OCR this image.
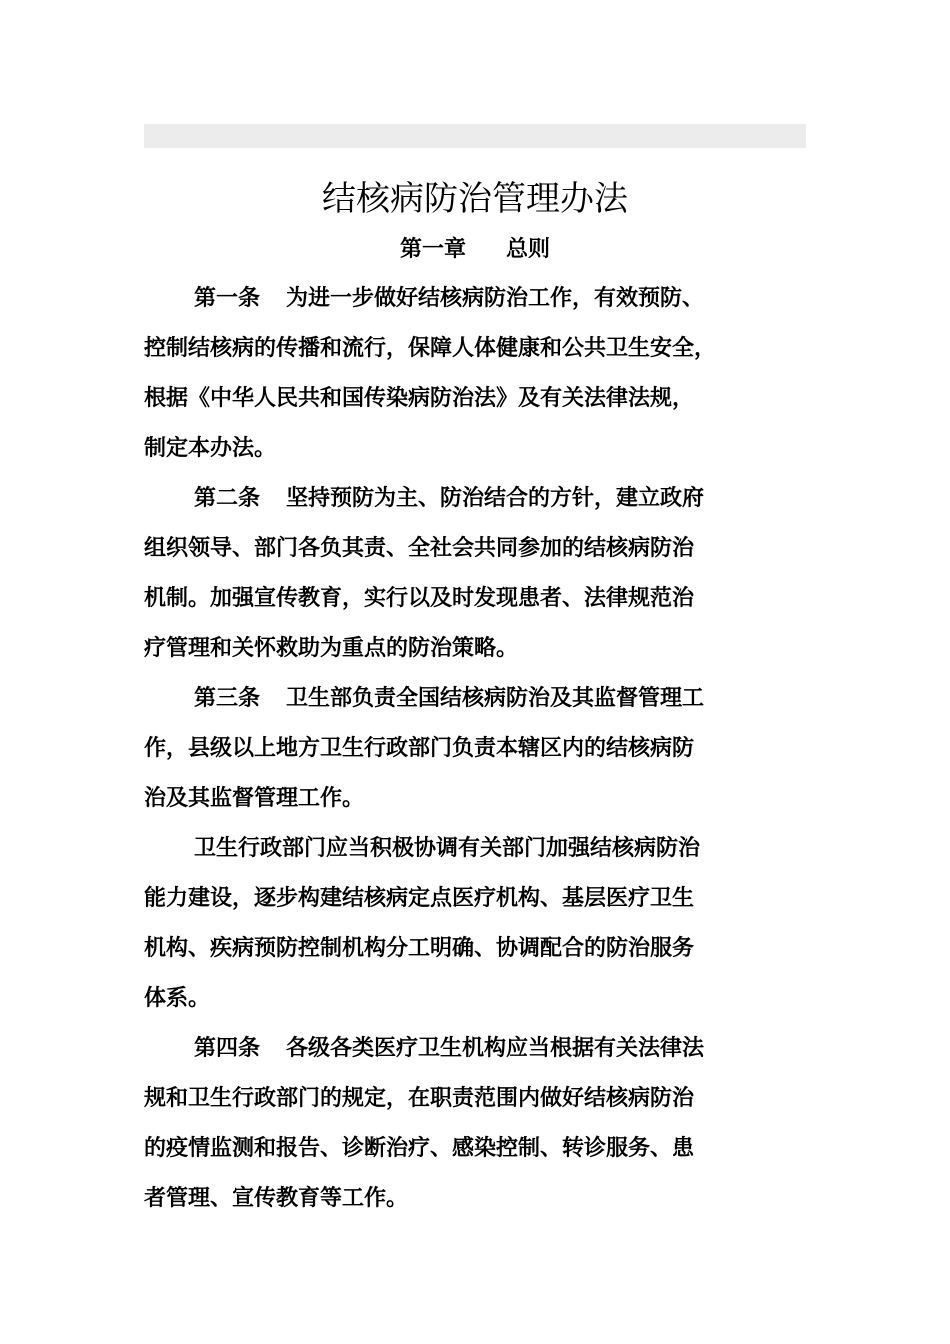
结核病防治管理办法
第一章 总则
第一条 为进一步做好结核病防治工作，有效预防、
控制结核病的传播和流行，保障人体健康和公共卫生安全，
根据《中华人民共和国传染病防治法》及有关法律法规，
制定本办法。
第二条 坚持预防为主、防治结合的方针，建立政府
组织领导、部门各负其责、全社会共同参加的结核病防治
机制。加强宣传教育，实行以及时发现患者、法律规范治
疗管理和关怀救助为重点的防治策略。
第三条 卫生部负责全国结核病防治及其监督管理工
作，县级以上地方卫生行政部门负责本辖区内的结核病防
治及其监督管理工作。
卫生行政部门应当积极协调有关部门加强结核病防治
能力建设，逐步构建结核病定点医疗机构、基层医疗卫生
机构、疾病预防控制机构分工明确、协调配合的防治服务
体系。
第四条 各级各类医疗卫生机构应当根据有关法律法
规和卫生行政部门的规定，在职责范围内做好结核病防治
的疫情监测和报告、诊断治疗、感染控制、转诊服务、患
者管理、宣传教育等工作。
